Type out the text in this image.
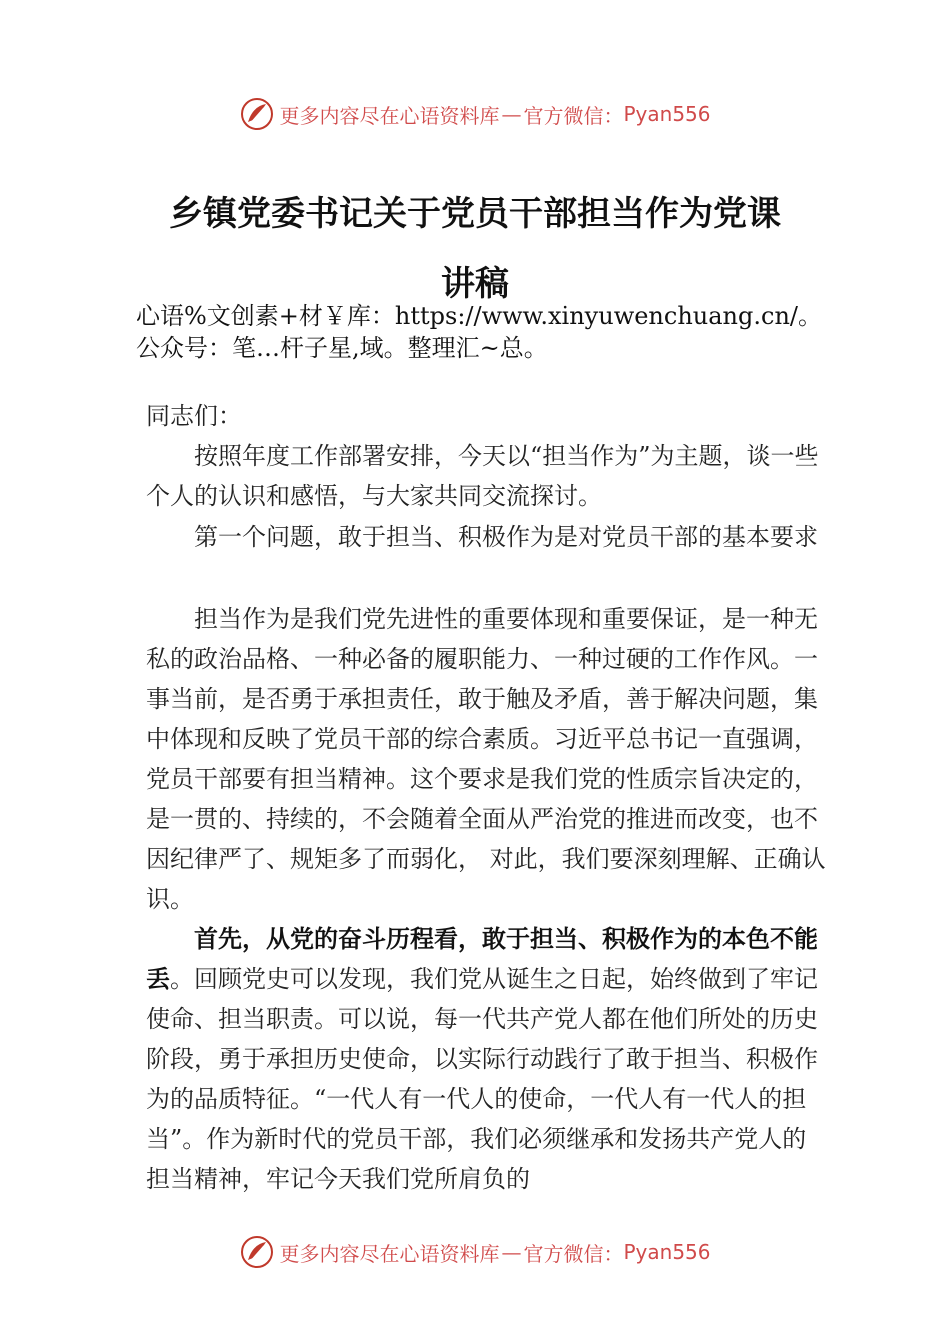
更多内容尽在心语资料库 — 官方微信： Pyan556
乡镇党委书记关于党员干部担当作为党课
讲稿
心语%文创素+材￥库：https://www.xinyuwenchuang.cn/。公众号：笔…杆子星,域。整理汇~总。

同志们：

按照年度工作部署安排，今天以“担当作为”为主题，谈一些个人的认识和感悟，与大家共同交流探讨。

第一个问题，敢于担当、积极作为是对党员干部的基本要求

担当作为是我们党先进性的重要体现和重要保证，是一种无私的政治品格、一种必备的履职能力、一种过硬的工作作风。一事当前，是否勇于承担责任，敢于触及矛盾，善于解决问题，集中体现和反映了党员干部的综合素质。习近平总书记一直强调，党员干部要有担当精神。这个要求是我们党的性质宗旨决定的，是一贯的、持续的，不会随着全面从严治党的推进而改变，也不因纪律严了、规矩多了而弱化， 对此，我们要深刻理解、正确认识。

首先，从党的奋斗历程看，敢于担当、积极作为的本色不能丢。回顾党史可以发现，我们党从诞生之日起，始终做到了牢记使命、担当职责。可以说，每一代共产党人都在他们所处的历史阶段，勇于承担历史使命，以实际行动践行了敢于担当、积极作为的品质特征。“一代人有一代人的使命，一代人有一代人的担当”。作为新时代的党员干部，我们必须继承和发扬共产党人的担当精神，牢记今天我们党所肩负的

更多内容尽在心语资料库 — 官方微信： Pyan556
